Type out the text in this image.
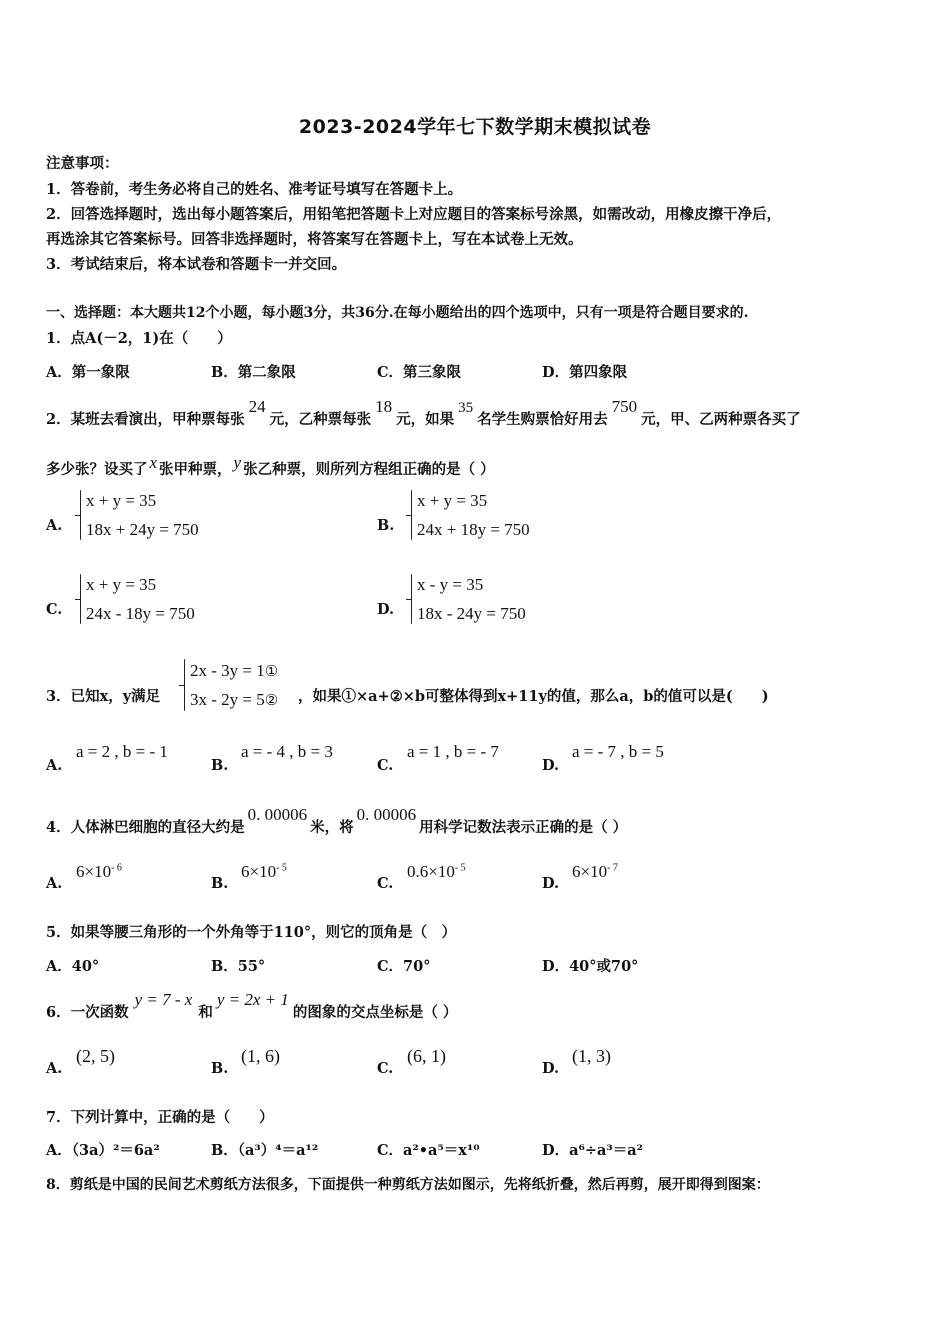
2023-2024学年七下数学期末模拟试卷
注意事项：
1．答卷前，考生务必将自己的姓名、准考证号填写在答题卡上。
2．回答选择题时，选出每小题答案后，用铅笔把答题卡上对应题目的答案标号涂黑，如需改动，用橡皮擦干净后，
再选涂其它答案标号。回答非选择题时，将答案写在答题卡上，写在本试卷上无效。
3．考试结束后，将本试卷和答题卡一并交回。
一、选择题：本大题共12个小题，每小题3分，共36分.在每小题给出的四个选项中，只有一项是符合题目要求的.
1．点A(－2，1)在（　　）
A．第一象限	B．第二象限	C．第三象限	D．第四象限
2．某班去看演出，甲种票每张24元，乙种票每张18元，如果35名学生购票恰好用去750元，甲、乙两种票各买了
多少张？设买了 x 张甲种票， y 张乙种票，则所列方程组正确的是（ ）
A.
x + y = 35
18x + 24y = 750	B.
x + y = 35
24x + 18y = 750
C.
x + y = 35
24x - 18y = 750	D.
x - y = 35
18x - 24y = 750
3．已知x，y满足
2x - 3y = 1①
3x - 2y = 5② ，如果①×a+②×b可整体得到x+11y的值，那么a，b的值可以是(　　)
A.
a = 2 , b = - 1
B.
a = - 4 , b = 3
C.
a = 1 , b = - 7
D.
a = - 7 , b = 5
4．人体淋巴细胞的直径大约是0. 00006米，将0. 00006用科学记数法表示正确的是（ ）
A.
$6\times 10^{- 6}$
B.
$6\times 10^{- 5}$
C.
$0.6\times 10^{- 5}$
D.
$6\times 10^{- 7}$
5．如果等腰三角形的一个外角等于110°，则它的顶角是（　）
A．40°	B．55°	C．70°	D．40°或70°
6．一次函数y = 7 - x和y = 2x + 1的图象的交点坐标是（ ）
A.
(2, 5)
B.
(1, 6)
C.
(6, 1)
D.
(1, 3)
7．下列计算中，正确的是（　　）
A．（3a）²＝6a²	B．（a³）⁴＝a¹²	C．a²•a⁵＝x¹⁰	D．a⁶÷a³＝a²
8．剪纸是中国的民间艺术剪纸方法很多，下面提供一种剪纸方法如图示，先将纸折叠，然后再剪，展开即得到图案：
